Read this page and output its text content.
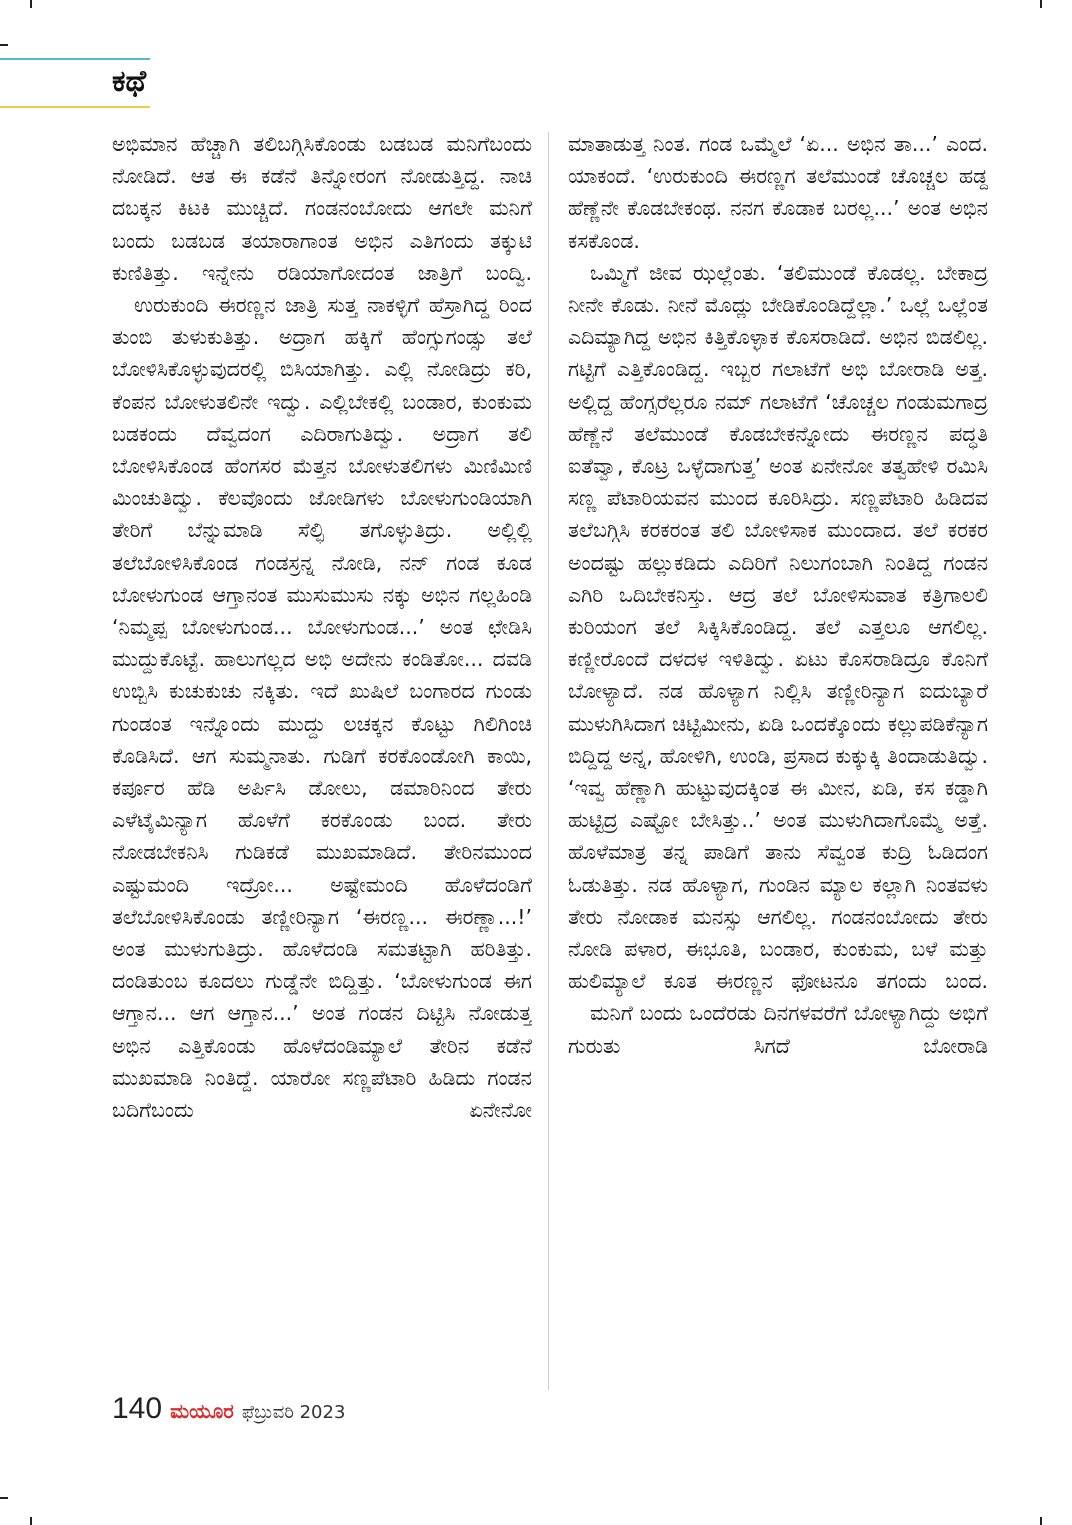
ಕಥೆ

ಅಭಿಮಾನ ಹೆಚ್ಚಾಗಿ ತಲಿಬಗ್ಗಿಸಿಕೊಂಡು ಬಡಬಡ ಮನಿಗೆಬಂದು ನೋಡಿದೆ. ಆತ ಈ ಕಡೆನೆ ತಿನ್ನೋರಂಗ ನೋಡುತ್ತಿದ್ದ. ನಾಚಿ ದಬಕ್ಕನ ಕಿಟಕಿ ಮುಚ್ಚಿದೆ. ಗಂಡನಂಬೋದು ಆಗಲೇ ಮನಿಗೆ ಬಂದು ಬಡಬಡ ತಯಾರಾಗಾಂತ ಅಭಿನ ಎತಿಗಂದು ತಕ್ಕುಟಿ ಕುಣಿತಿತ್ತು. ಇನ್ನೇನು ರಡಿಯಾಗೋದಂತ ಜಾತ್ರಿಗೆ ಬಂದ್ವಿ.

ಉರುಕುಂದಿ ಈರಣ್ಣನ ಜಾತ್ರಿ ಸುತ್ತ ನಾಕಳ್ಳಿಗೆ ಹೆಸ್ರಾಗಿದ್ದ ರಿಂದ ತುಂಬಿ ತುಳುಕುತಿತ್ತು. ಅದ್ರಾಗ ಹಕ್ಕಿಗೆ ಹೆಂಗ್ಸುಗಂಡ್ಸು ತಲೆ ಬೋಳಿಸಿಕೊಳ್ಳುವುದರಲ್ಲಿ ಬಿಸಿಯಾಗಿತ್ತು. ಎಲ್ಲಿ ನೋಡಿದ್ರು ಕರಿ, ಕೆಂಪನ ಬೋಳುತಲಿನೇ ಇದ್ವು. ಎಲ್ಲಿಬೇಕಲ್ಲಿ ಬಂಡಾರ, ಕುಂಕುಮ ಬಡಕಂದು ದೆವ್ವದಂಗ ಎದಿರಾಗುತಿದ್ವು. ಅದ್ರಾಗ ತಲಿ ಬೋಳಿಸಿಕೊಂಡ ಹೆಂಗಸರ ಮೆತ್ತನ ಬೋಳುತಲಿಗಳು ಮಿಣಿಮಿಣಿ ಮಿಂಚುತಿದ್ವು. ಕೆಲವೊಂದು ಜೋಡಿಗಳು ಬೋಳುಗುಂಡಿಯಾಗಿ ತೇರಿಗೆ ಬೆನ್ನುಮಾಡಿ ಸೆಲ್ಫಿ ತಗೊಳ್ಳುತಿದ್ರು. ಅಲ್ಲಿಲ್ಲಿ ತಲೆಬೋಳಿಸಿಕೊಂಡ ಗಂಡಸ್ರನ್ನ ನೋಡಿ, ನನ್ ಗಂಡ ಕೂಡ ಬೋಳುಗುಂಡ ಆಗ್ತಾನಂತ ಮುಸುಮುಸು ನಕ್ಕು ಅಭಿನ ಗಲ್ಲಹಿಂಡಿ ‘ನಿಮ್ಮಪ್ಪ ಬೋಳುಗುಂಡ... ಬೋಳುಗುಂಡ...’ ಅಂತ ಛೇಡಿಸಿ ಮುದ್ದುಕೊಟ್ಟೆ. ಹಾಲುಗಲ್ಲದ ಅಭಿ ಅದೇನು ಕಂಡಿತೋ... ದವಡಿ ಉಬ್ಬಿಸಿ ಕುಚುಕುಚು ನಕ್ಕಿತು. ಇದೆ ಖುಷಿಲೆ ಬಂಗಾರದ ಗುಂಡು ಗುಂಡಂತ ಇನ್ನೊಂದು ಮುದ್ದು ಲಚಕ್ಕನ ಕೊಟ್ಟು ಗಿಲಿಗಿಂಚಿ ಕೊಡಿಸಿದೆ. ಆಗ ಸುಮ್ಮನಾತು. ಗುಡಿಗೆ ಕರಕೊಂಡೋಗಿ ಕಾಯಿ, ಕರ್ಪೂರ ಹೆಡಿ ಅರ್ಪಿಸಿ ಡೋಲು, ಡಮಾರಿನಿಂದ ತೇರು ಎಳೆಟೈಮಿನ್ಯಾಗ ಹೊಳೆಗೆ ಕರಕೊಂಡು ಬಂದ. ತೇರು ನೋಡಬೇಕನಿಸಿ ಗುಡಿಕಡೆ ಮುಖಮಾಡಿದೆ. ತೇರಿನಮುಂದ ಎಷ್ಟುಮಂದಿ ಇದ್ರೋ... ಅಷ್ಟೇಮಂದಿ ಹೊಳೆದಂಡಿಗೆ ತಲೆಬೋಳಿಸಿಕೊಂಡು ತಣ್ಣೀರಿನ್ಯಾಗ ‘ಈರಣ್ಣ... ಈರಣ್ಣಾ...!’ ಅಂತ ಮುಳುಗುತಿದ್ರು. ಹೊಳೆದಂಡಿ ಸಮತಟ್ಟಾಗಿ ಹರಿತಿತ್ತು. ದಂಡಿತುಂಬ ಕೂದಲು ಗುಡ್ಡೆನೇ ಬಿದ್ದಿತ್ತು. ‘ಬೋಳುಗುಂಡ ಈಗ ಆಗ್ತಾನ... ಆಗ ಆಗ್ತಾನ...’ ಅಂತ ಗಂಡನ ದಿಟ್ಟಿಸಿ ನೋಡುತ್ತ ಅಭಿನ ಎತ್ತಿಕೊಂಡು ಹೊಳೆದಂಡಿಮ್ಯಾಲೆ ತೇರಿನ ಕಡೆನೆ ಮುಖಮಾಡಿ ನಿಂತಿದ್ದೆ. ಯಾರೋ ಸಣ್ಣಪೆಟಾರಿ ಹಿಡಿದು ಗಂಡನ ಬದಿಗೆಬಂದು ಏನೇನೋ

ಮಾತಾಡುತ್ತ ನಿಂತ. ಗಂಡ ಒಮ್ಮೆಲೆ ‘ಏ... ಅಭಿನ ತಾ...’ ಎಂದ. ಯಾಕಂದೆ. ‘ಉರುಕುಂದಿ ಈರಣ್ಣಗ ತಲೆಮುಂಡೆ ಚೊಚ್ಚಲ ಹಡ್ದ ಹೆಣ್ಣೆನೇ ಕೊಡಬೇಕಂಥ. ನನಗ ಕೊಡಾಕ ಬರಲ್ಲ...’ ಅಂತ ಅಭಿನ ಕಸಕೊಂಡ.

ಒಮ್ಮಿಗೆ ಜೀವ ಝಲ್ಲೆಂತು. ‘ತಲಿಮುಂಡೆ ಕೊಡಲ್ಲ. ಬೇಕಾದ್ರ ನೀನೇ ಕೊಡು. ನೀನೆ ಮೊದ್ಲು ಬೇಡಿಕೊಂಡಿದ್ದೆಲ್ಲಾ.’ ಒಲ್ಲೆ ಒಲ್ಲೆಂತ ಎದಿಮ್ಯಾಗಿದ್ದ ಅಭಿನ ಕಿತ್ತಿಕೊಳ್ಳಾಕ ಕೊಸರಾಡಿದೆ. ಅಭಿನ ಬಿಡಲಿಲ್ಲ. ಗಟ್ಟಿಗೆ ಎತ್ತಿಕೊಂಡಿದ್ದ. ಇಬ್ಬರ ಗಲಾಟೆಗೆ ಅಭಿ ಬೋರಾಡಿ ಅತ್ತ. ಅಲ್ಲಿದ್ದ ಹೆಂಗ್ಸರೆಲ್ಲರೂ ನಮ್ ಗಲಾಟೆಗೆ ‘ಚೊಚ್ಚಲ ಗಂಡುಮಗಾದ್ರ ಹೆಣ್ಣೆನೆ ತಲೆಮುಂಡೆ ಕೊಡಬೇಕನ್ನೋದು ಈರಣ್ಣನ ಪದ್ಧತಿ ಐತೆವ್ವಾ, ಕೊಟ್ರ ಒಳ್ಳೆದಾಗುತ್ತ’ ಅಂತ ಏನೇನೋ ತತ್ವಹೇಳಿ ರಮಿಸಿ ಸಣ್ಣ ಪೆಟಾರಿಯವನ ಮುಂದ ಕೂರಿಸಿದ್ರು. ಸಣ್ಣಪೆಟಾರಿ ಹಿಡಿದವ ತಲೆಬಗ್ಗಿಸಿ ಕರಕರಂತ ತಲಿ ಬೋಳಿಸಾಕ ಮುಂದಾದ. ತಲೆ ಕರಕರ ಅಂದಷ್ಟು ಹಲ್ಲುಕಡಿದು ಎದಿರಿಗೆ ನಿಲುಗಂಬಾಗಿ ನಿಂತಿದ್ದ ಗಂಡನ ಎಗಿರಿ ಒದಿಬೇಕನಿಸ್ತು. ಆದ್ರ ತಲೆ ಬೋಳಿಸುವಾತ ಕತ್ರಿಗಾಲಲಿ ಕುರಿಯಂಗ ತಲೆ ಸಿಕ್ಕಿಸಿಕೊಂಡಿದ್ದ. ತಲೆ ಎತ್ತಲೂ ಆಗಲಿಲ್ಲ. ಕಣ್ಣೀರೊಂದೆ ದಳದಳ ಇಳಿತಿದ್ವು. ಏಟು ಕೊಸರಾಡಿದ್ರೂ ಕೊನಿಗೆ ಬೋಳ್ಯಾದೆ. ನಡ ಹೊಳ್ಯಾಗ ನಿಲ್ಲಿಸಿ ತಣ್ಣೀರಿನ್ಯಾಗ ಐದುಬ್ಯಾರೆ ಮುಳುಗಿಸಿದಾಗ ಚಿಟ್ಟಿಮೀನು, ಏಡಿ ಒಂದಕ್ಕೊಂದು ಕಲ್ಲುಪಡಿಕೆನ್ಯಾಗ ಬಿದ್ದಿದ್ದ ಅನ್ನ, ಹೋಳಿಗಿ, ಉಂಡಿ, ಪ್ರಸಾದ ಕುಕ್ಕುಕ್ಕಿ ತಿಂದಾಡುತಿದ್ವು. ‘ಇವ್ವ ಹೆಣ್ಣಾಗಿ ಹುಟ್ಟುವುದಕ್ಕಿಂತ ಈ ಮೀನ, ಏಡಿ, ಕಸ ಕಡ್ಡಾಗಿ ಹುಟ್ಟಿದ್ರ ಎಷ್ಟೋ ಬೇಸಿತ್ತು..’ ಅಂತ ಮುಳುಗಿದಾಗೊಮ್ಮೆ ಅತ್ತೆ. ಹೊಳೆಮಾತ್ರ ತನ್ನ ಪಾಡಿಗೆ ತಾನು ಸೆವ್ವಂತ ಕುದ್ರಿ ಓಡಿದಂಗ ಓಡುತಿತ್ತು. ನಡ ಹೊಳ್ಯಾಗ, ಗುಂಡಿನ ಮ್ಯಾಲ ಕಲ್ಲಾಗಿ ನಿಂತವಳು ತೇರು ನೋಡಾಕ ಮನಸ್ಸು ಆಗಲಿಲ್ಲ. ಗಂಡನಂಬೋದು ತೇರು ನೋಡಿ ಪಳಾರ, ಈಭೂತಿ, ಬಂಡಾರ, ಕುಂಕುಮ, ಬಳೆ ಮತ್ತು ಹುಲಿಮ್ಯಾಲೆ ಕೂತ ಈರಣ್ಣನ ಫೋಟನೂ ತಗಂದು ಬಂದ.

ಮನಿಗೆ ಬಂದು ಒಂದೆರಡು ದಿನಗಳವರೆಗೆ ಬೋಳ್ಯಾಗಿದ್ದು ಅಭಿಗೆ ಗುರುತು ಸಿಗದೆ ಬೋರಾಡಿ

140 ಮಯೂರ ಫೆಬ್ರುವರಿ 2023
